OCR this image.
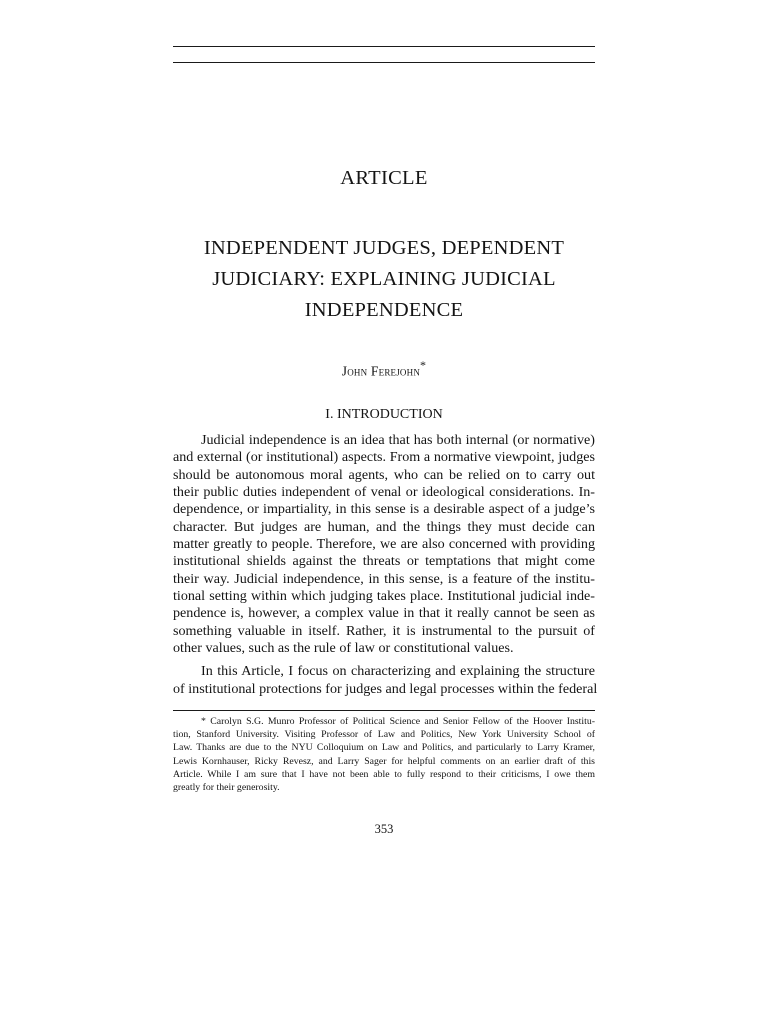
ARTICLE
INDEPENDENT JUDGES, DEPENDENT
JUDICIARY: EXPLAINING JUDICIAL
INDEPENDENCE
John Ferejohn*
I. INTRODUCTION
Judicial independence is an idea that has both internal (or normative)
and external (or institutional) aspects. From a normative viewpoint, judges
should be autonomous moral agents, who can be relied on to carry out
their public duties independent of venal or ideological considerations. In-
dependence, or impartiality, in this sense is a desirable aspect of a judge’s
character. But judges are human, and the things they must decide can
matter greatly to people. Therefore, we are also concerned with providing
institutional shields against the threats or temptations that might come
their way. Judicial independence, in this sense, is a feature of the institu-
tional setting within which judging takes place. Institutional judicial inde-
pendence is, however, a complex value in that it really cannot be seen as
something valuable in itself. Rather, it is instrumental to the pursuit of
other values, such as the rule of law or constitutional values.
In this Article, I focus on characterizing and explaining the structure
of institutional protections for judges and legal processes within the federal
* Carolyn S.G. Munro Professor of Political Science and Senior Fellow of the Hoover Institu-
tion, Stanford University. Visiting Professor of Law and Politics, New York University School of
Law. Thanks are due to the NYU Colloquium on Law and Politics, and particularly to Larry Kramer,
Lewis Kornhauser, Ricky Revesz, and Larry Sager for helpful comments on an earlier draft of this
Article. While I am sure that I have not been able to fully respond to their criticisms, I owe them
greatly for their generosity.
353
